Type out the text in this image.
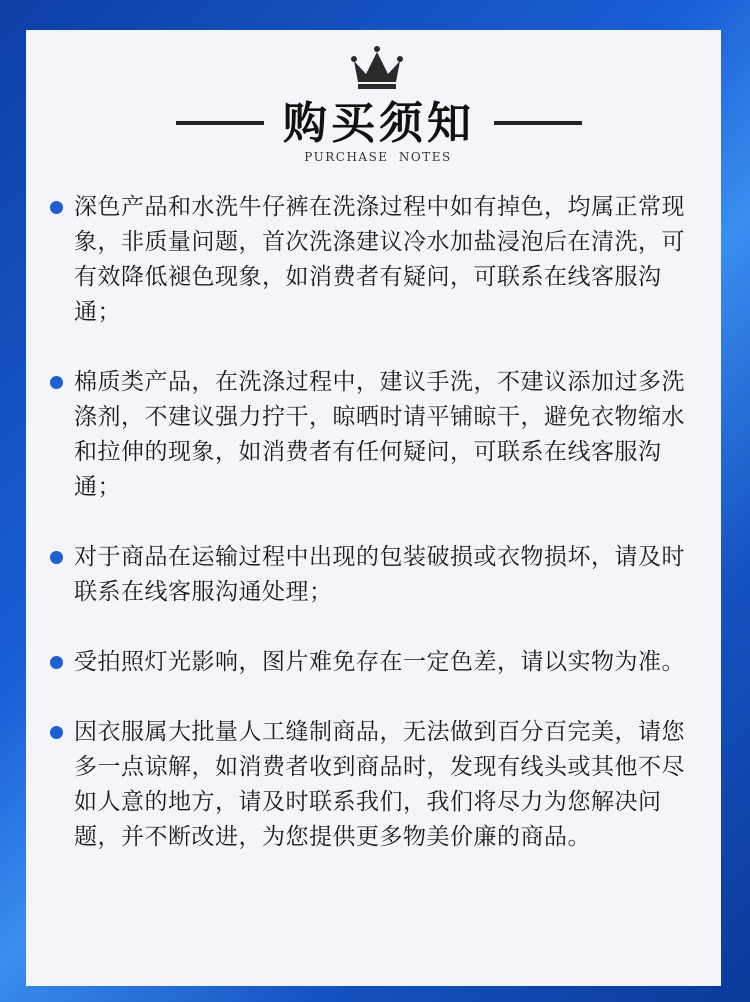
购买须知
PURCHASE NOTES
深色产品和水洗牛仔裤在洗涤过程中如有掉色，均属正常现象，非质量问题，首次洗涤建议冷水加盐浸泡后在清洗，可有效降低褪色现象，如消费者有疑问，可联系在线客服沟通；
棉质类产品，在洗涤过程中，建议手洗，不建议添加过多洗涤剂，不建议强力拧干，晾晒时请平铺晾干，避免衣物缩水和拉伸的现象，如消费者有任何疑问，可联系在线客服沟通；
对于商品在运输过程中出现的包装破损或衣物损坏，请及时联系在线客服沟通处理；
受拍照灯光影响，图片难免存在一定色差，请以实物为准。
因衣服属大批量人工缝制商品，无法做到百分百完美，请您多一点谅解，如消费者收到商品时，发现有线头或其他不尽如人意的地方，请及时联系我们，我们将尽力为您解决问题，并不断改进，为您提供更多物美价廉的商品。
